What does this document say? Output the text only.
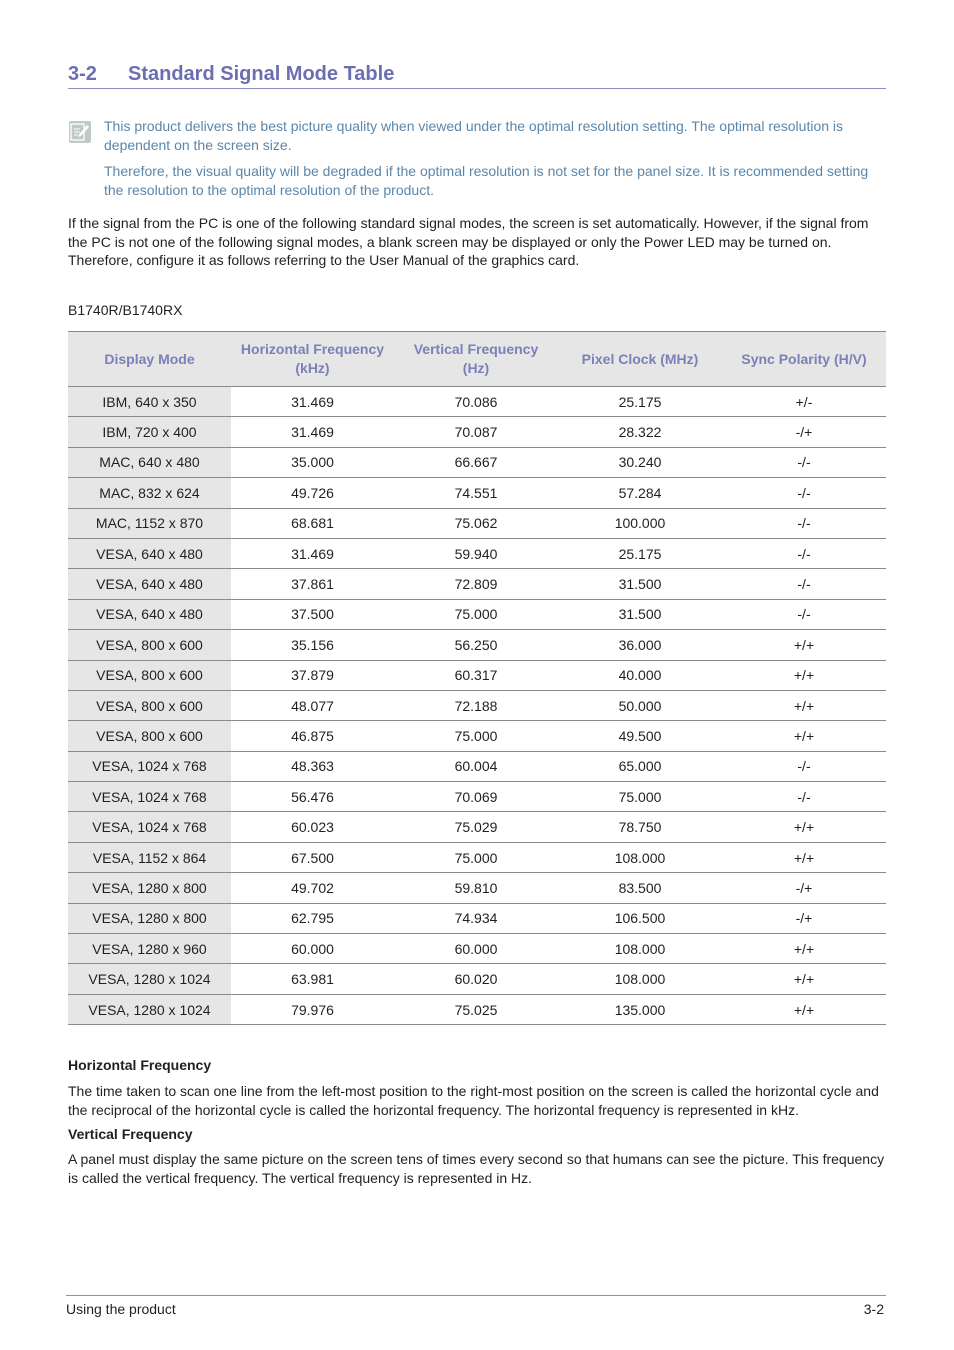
3-2 Standard Signal Mode Table
This product delivers the best picture quality when viewed under the optimal resolution setting. The optimal resolution is dependent on the screen size.
Therefore, the visual quality will be degraded if the optimal resolution is not set for the panel size. It is recommended setting the resolution to the optimal resolution of the product.
If the signal from the PC is one of the following standard signal modes, the screen is set automatically. However, if the signal from the PC is not one of the following signal modes, a blank screen may be displayed or only the Power LED may be turned on. Therefore, configure it as follows referring to the User Manual of the graphics card.
B1740R/B1740RX
Display Mode	Horizontal Frequency (kHz)	Vertical Frequency (Hz)	Pixel Clock (MHz)	Sync Polarity (H/V)
IBM, 640 x 350	31.469	70.086	25.175	+/-
IBM, 720 x 400	31.469	70.087	28.322	-/+
MAC, 640 x 480	35.000	66.667	30.240	-/-
MAC, 832 x 624	49.726	74.551	57.284	-/-
MAC, 1152 x 870	68.681	75.062	100.000	-/-
VESA, 640 x 480	31.469	59.940	25.175	-/-
VESA, 640 x 480	37.861	72.809	31.500	-/-
VESA, 640 x 480	37.500	75.000	31.500	-/-
VESA, 800 x 600	35.156	56.250	36.000	+/+
VESA, 800 x 600	37.879	60.317	40.000	+/+
VESA, 800 x 600	48.077	72.188	50.000	+/+
VESA, 800 x 600	46.875	75.000	49.500	+/+
VESA, 1024 x 768	48.363	60.004	65.000	-/-
VESA, 1024 x 768	56.476	70.069	75.000	-/-
VESA, 1024 x 768	60.023	75.029	78.750	+/+
VESA, 1152 x 864	67.500	75.000	108.000	+/+
VESA, 1280 x 800	49.702	59.810	83.500	-/+
VESA, 1280 x 800	62.795	74.934	106.500	-/+
VESA, 1280 x 960	60.000	60.000	108.000	+/+
VESA, 1280 x 1024	63.981	60.020	108.000	+/+
VESA, 1280 x 1024	79.976	75.025	135.000	+/+
Horizontal Frequency
The time taken to scan one line from the left-most position to the right-most position on the screen is called the horizontal cycle and the reciprocal of the horizontal cycle is called the horizontal frequency. The horizontal frequency is represented in kHz.
Vertical Frequency
A panel must display the same picture on the screen tens of times every second so that humans can see the picture. This frequency is called the vertical frequency. The vertical frequency is represented in Hz.
Using the product	3-2
